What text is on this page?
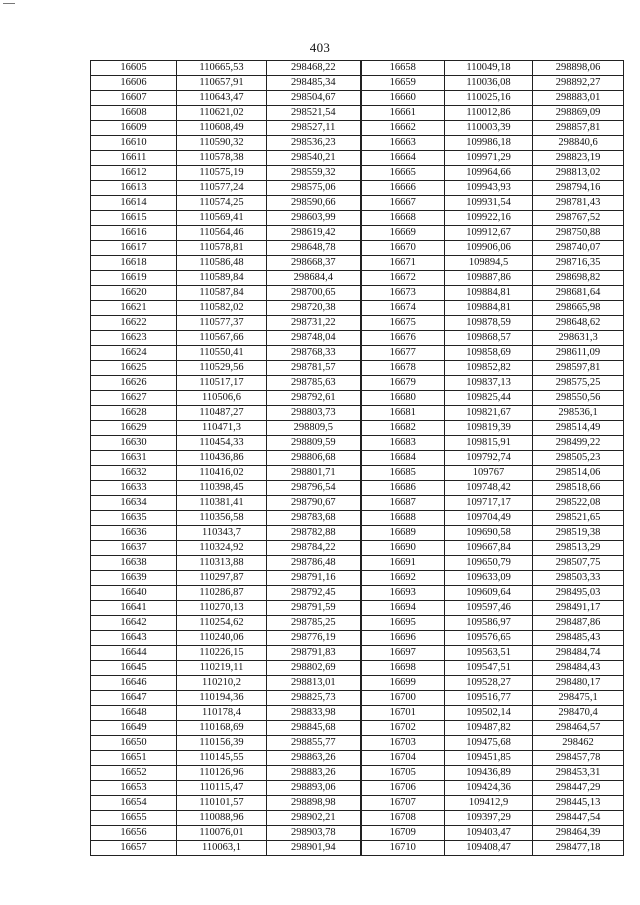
403
16605	110665,53	298468,22	16658	110049,18	298898,06
16606	110657,91	298485,34	16659	110036,08	298892,27
16607	110643,47	298504,67	16660	110025,16	298883,01
16608	110621,02	298521,54	16661	110012,86	298869,09
16609	110608,49	298527,11	16662	110003,39	298857,81
16610	110590,32	298536,23	16663	109986,18	298840,6
16611	110578,38	298540,21	16664	109971,29	298823,19
16612	110575,19	298559,32	16665	109964,66	298813,02
16613	110577,24	298575,06	16666	109943,93	298794,16
16614	110574,25	298590,66	16667	109931,54	298781,43
16615	110569,41	298603,99	16668	109922,16	298767,52
16616	110564,46	298619,42	16669	109912,67	298750,88
16617	110578,81	298648,78	16670	109906,06	298740,07
16618	110586,48	298668,37	16671	109894,5	298716,35
16619	110589,84	298684,4	16672	109887,86	298698,82
16620	110587,84	298700,65	16673	109884,81	298681,64
16621	110582,02	298720,38	16674	109884,81	298665,98
16622	110577,37	298731,22	16675	109878,59	298648,62
16623	110567,66	298748,04	16676	109868,57	298631,3
16624	110550,41	298768,33	16677	109858,69	298611,09
16625	110529,56	298781,57	16678	109852,82	298597,81
16626	110517,17	298785,63	16679	109837,13	298575,25
16627	110506,6	298792,61	16680	109825,44	298550,56
16628	110487,27	298803,73	16681	109821,67	298536,1
16629	110471,3	298809,5	16682	109819,39	298514,49
16630	110454,33	298809,59	16683	109815,91	298499,22
16631	110436,86	298806,68	16684	109792,74	298505,23
16632	110416,02	298801,71	16685	109767	298514,06
16633	110398,45	298796,54	16686	109748,42	298518,66
16634	110381,41	298790,67	16687	109717,17	298522,08
16635	110356,58	298783,68	16688	109704,49	298521,65
16636	110343,7	298782,88	16689	109690,58	298519,38
16637	110324,92	298784,22	16690	109667,84	298513,29
16638	110313,88	298786,48	16691	109650,79	298507,75
16639	110297,87	298791,16	16692	109633,09	298503,33
16640	110286,87	298792,45	16693	109609,64	298495,03
16641	110270,13	298791,59	16694	109597,46	298491,17
16642	110254,62	298785,25	16695	109586,97	298487,86
16643	110240,06	298776,19	16696	109576,65	298485,43
16644	110226,15	298791,83	16697	109563,51	298484,74
16645	110219,11	298802,69	16698	109547,51	298484,43
16646	110210,2	298813,01	16699	109528,27	298480,17
16647	110194,36	298825,73	16700	109516,77	298475,1
16648	110178,4	298833,98	16701	109502,14	298470,4
16649	110168,69	298845,68	16702	109487,82	298464,57
16650	110156,39	298855,77	16703	109475,68	298462
16651	110145,55	298863,26	16704	109451,85	298457,78
16652	110126,96	298883,26	16705	109436,89	298453,31
16653	110115,47	298893,06	16706	109424,36	298447,29
16654	110101,57	298898,98	16707	109412,9	298445,13
16655	110088,96	298902,21	16708	109397,29	298447,54
16656	110076,01	298903,78	16709	109403,47	298464,39
16657	110063,1	298901,94	16710	109408,47	298477,18
